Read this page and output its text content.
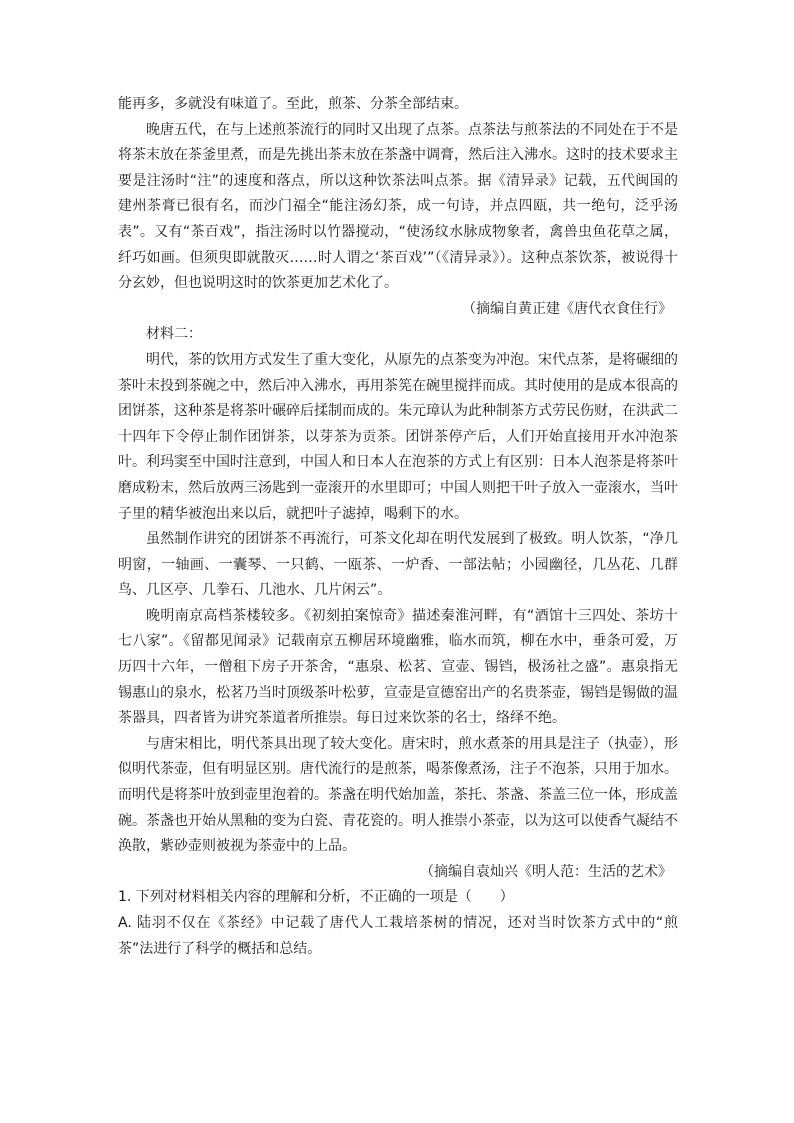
能再多，多就没有味道了。至此，煎茶、分茶全部结束。

晚唐五代，在与上述煎茶流行的同时又出现了点茶。点茶法与煎茶法的不同处在于不是将茶末放在茶釜里煮，而是先挑出茶末放在茶盏中调膏，然后注入沸水。这时的技术要求主要是注汤时“注”的速度和落点，所以这种饮茶法叫点茶。据《清异录》记载，五代闽国的建州茶膏已很有名，而沙门福全“能注汤幻茶，成一句诗，并点四瓯，共一绝句，泛乎汤表”。又有“茶百戏”，指注汤时以竹器搅动，“使汤纹水脉成物象者，禽兽虫鱼花草之属，纤巧如画。但须臾即就散灭……时人谓之‘茶百戏’”（《清异录》）。这种点茶饮茶，被说得十分玄妙，但也说明这时的饮茶更加艺术化了。

（摘编自黄正建《唐代衣食住行》

材料二：

明代，茶的饮用方式发生了重大变化，从原先的点茶变为冲泡。宋代点茶，是将碾细的茶叶末投到茶碗之中，然后冲入沸水，再用茶筅在碗里搅拌而成。其时使用的是成本很高的团饼茶，这种茶是将茶叶碾碎后揉制而成的。朱元璋认为此种制茶方式劳民伤财，在洪武二十四年下令停止制作团饼茶，以芽茶为贡茶。团饼茶停产后，人们开始直接用开水冲泡茶叶。利玛窦至中国时注意到，中国人和日本人在泡茶的方式上有区别：日本人泡茶是将茶叶磨成粉末，然后放两三汤匙到一壶滚开的水里即可；中国人则把干叶子放入一壶滚水，当叶子里的精华被泡出来以后，就把叶子滤掉，喝剩下的水。

虽然制作讲究的团饼茶不再流行，可茶文化却在明代发展到了极致。明人饮茶，“净几明窗，一轴画、一囊琴、一只鹤、一瓯茶、一炉香、一部法帖；小园幽径，几丛花、几群鸟、几区亭、几拳石、几池水、几片闲云”。

晚明南京高档茶楼较多。《初刻拍案惊奇》描述秦淮河畔，有“酒馆十三四处、茶坊十七八家”。《留都见闻录》记载南京五柳居环境幽雅，临水而筑，柳在水中，垂条可爱，万历四十六年，一僧租下房子开茶舍，“惠泉、松茗、宣壶、锡铛，极汤社之盛”。惠泉指无锡惠山的泉水，松茗乃当时顶级茶叶松萝，宣壶是宣德窑出产的名贵茶壶，锡铛是锡做的温茶器具，四者皆为讲究茶道者所推崇。每日过来饮茶的名士，络绎不绝。

与唐宋相比，明代茶具出现了较大变化。唐宋时，煎水煮茶的用具是注子（执壶），形似明代茶壶，但有明显区别。唐代流行的是煎茶，喝茶像煮汤，注子不泡茶，只用于加水。而明代是将茶叶放到壶里泡着的。茶盏在明代始加盖，茶托、茶盏、茶盖三位一体，形成盖碗。茶盏也开始从黑釉的变为白瓷、青花瓷的。明人推崇小茶壶，以为这可以使香气凝结不涣散，紫砂壶则被视为茶壶中的上品。

（摘编自袁灿兴《明人范：生活的艺术》

1. 下列对材料相关内容的理解和分析，不正确的一项是（　　）

A. 陆羽不仅在《茶经》中记载了唐代人工栽培茶树的情况，还对当时饮茶方式中的“煎茶”法进行了科学的概括和总结。
